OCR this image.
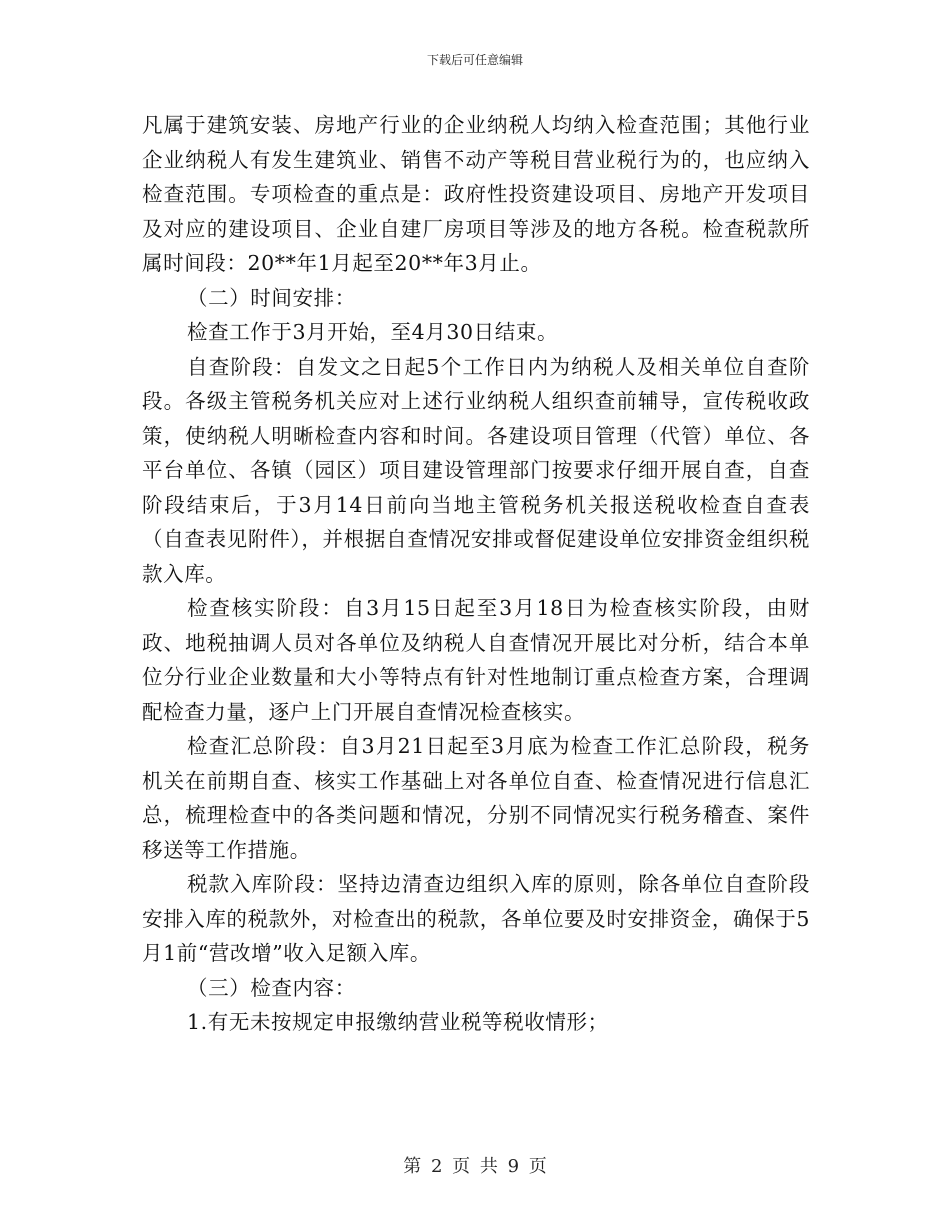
下载后可任意编辑

凡属于建筑安装、房地产行业的企业纳税人均纳入检查范围；其他行业企业纳税人有发生建筑业、销售不动产等税目营业税行为的，也应纳入检查范围。专项检查的重点是：政府性投资建设项目、房地产开发项目及对应的建设项目、企业自建厂房项目等涉及的地方各税。检查税款所属时间段：20**年1月起至20**年3月止。

（二）时间安排：

检查工作于3月开始，至4月30日结束。

自查阶段：自发文之日起5个工作日内为纳税人及相关单位自查阶段。各级主管税务机关应对上述行业纳税人组织查前辅导，宣传税收政策，使纳税人明晰检查内容和时间。各建设项目管理（代管）单位、各平台单位、各镇（园区）项目建设管理部门按要求仔细开展自查，自查阶段结束后，于3月14日前向当地主管税务机关报送税收检查自查表（自查表见附件），并根据自查情况安排或督促建设单位安排资金组织税款入库。

检查核实阶段：自3月15日起至3月18日为检查核实阶段，由财政、地税抽调人员对各单位及纳税人自查情况开展比对分析，结合本单位分行业企业数量和大小等特点有针对性地制订重点检查方案，合理调配检查力量，逐户上门开展自查情况检查核实。

检查汇总阶段：自3月21日起至3月底为检查工作汇总阶段，税务机关在前期自查、核实工作基础上对各单位自查、检查情况进行信息汇总，梳理检查中的各类问题和情况，分别不同情况实行税务稽查、案件移送等工作措施。

税款入库阶段：坚持边清查边组织入库的原则，除各单位自查阶段安排入库的税款外，对检查出的税款，各单位要及时安排资金，确保于5月1前“营改增”收入足额入库。

（三）检查内容：

1.有无未按规定申报缴纳营业税等税收情形；

第 2 页 共 9 页
